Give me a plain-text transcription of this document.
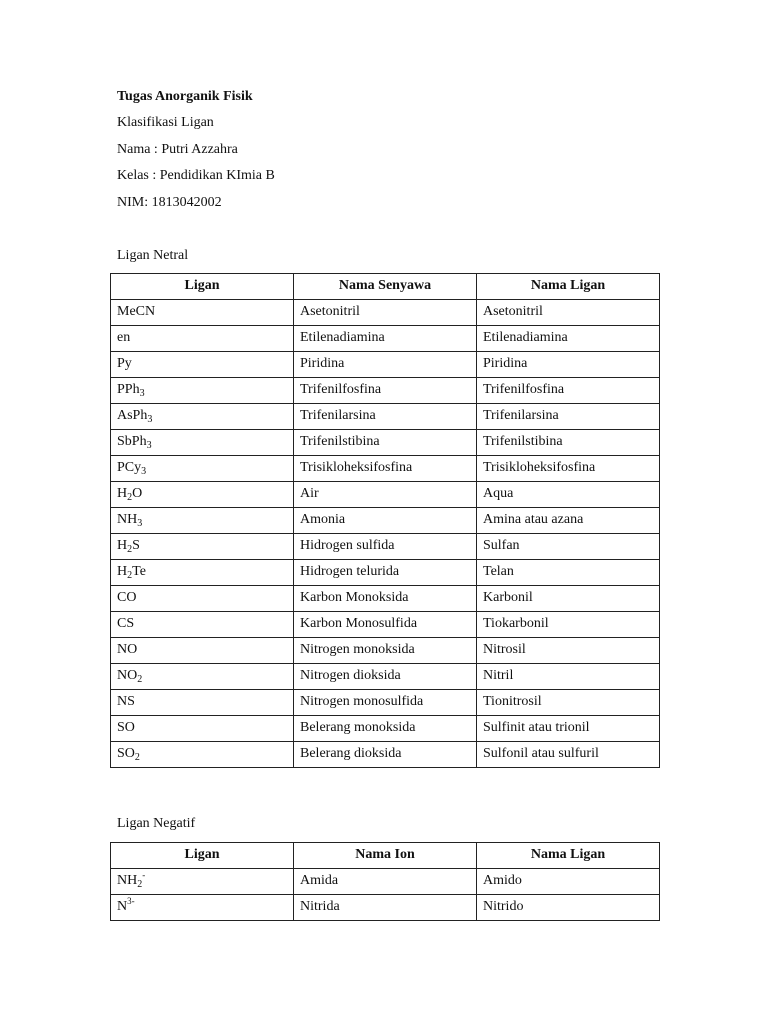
Tugas Anorganik Fisik
Klasifikasi Ligan
Nama : Putri Azzahra
Kelas : Pendidikan KImia B
NIM: 1813042002
Ligan Netral
Ligan	Nama Senyawa	Nama Ligan
MeCN	Asetonitril	Asetonitril
en	Etilenadiamina	Etilenadiamina
Py	Piridina	Piridina
PPh$_3$	Trifenilfosfina	Trifenilfosfina
AsPh$_3$	Trifenilarsina	Trifenilarsina
SbPh$_3$	Trifenilstibina	Trifenilstibina
PCy$_3$	Trisikloheksifosfina	Trisikloheksifosfina
$H_2O$	Air	Aqua
$NH_3$	Amonia	Amina atau azana
$H_2S$	Hidrogen sulfida	Sulfan
$H_2Te$	Hidrogen telurida	Telan
CO	Karbon Monoksida	Karbonil
CS	Karbon Monosulfida	Tiokarbonil
NO	Nitrogen monoksida	Nitrosil
$NO_2$	Nitrogen dioksida	Nitril
NS	Nitrogen monosulfida	Tionitrosil
SO	Belerang monoksida	Sulfinit atau trionil
$SO_2$	Belerang dioksida	Sulfonil atau sulfuril
Ligan Negatif
Ligan	Nama Ion	Nama Ligan
$NH_2^-$	Amida	Amido
$N^{3-}$	Nitrida	Nitrido
